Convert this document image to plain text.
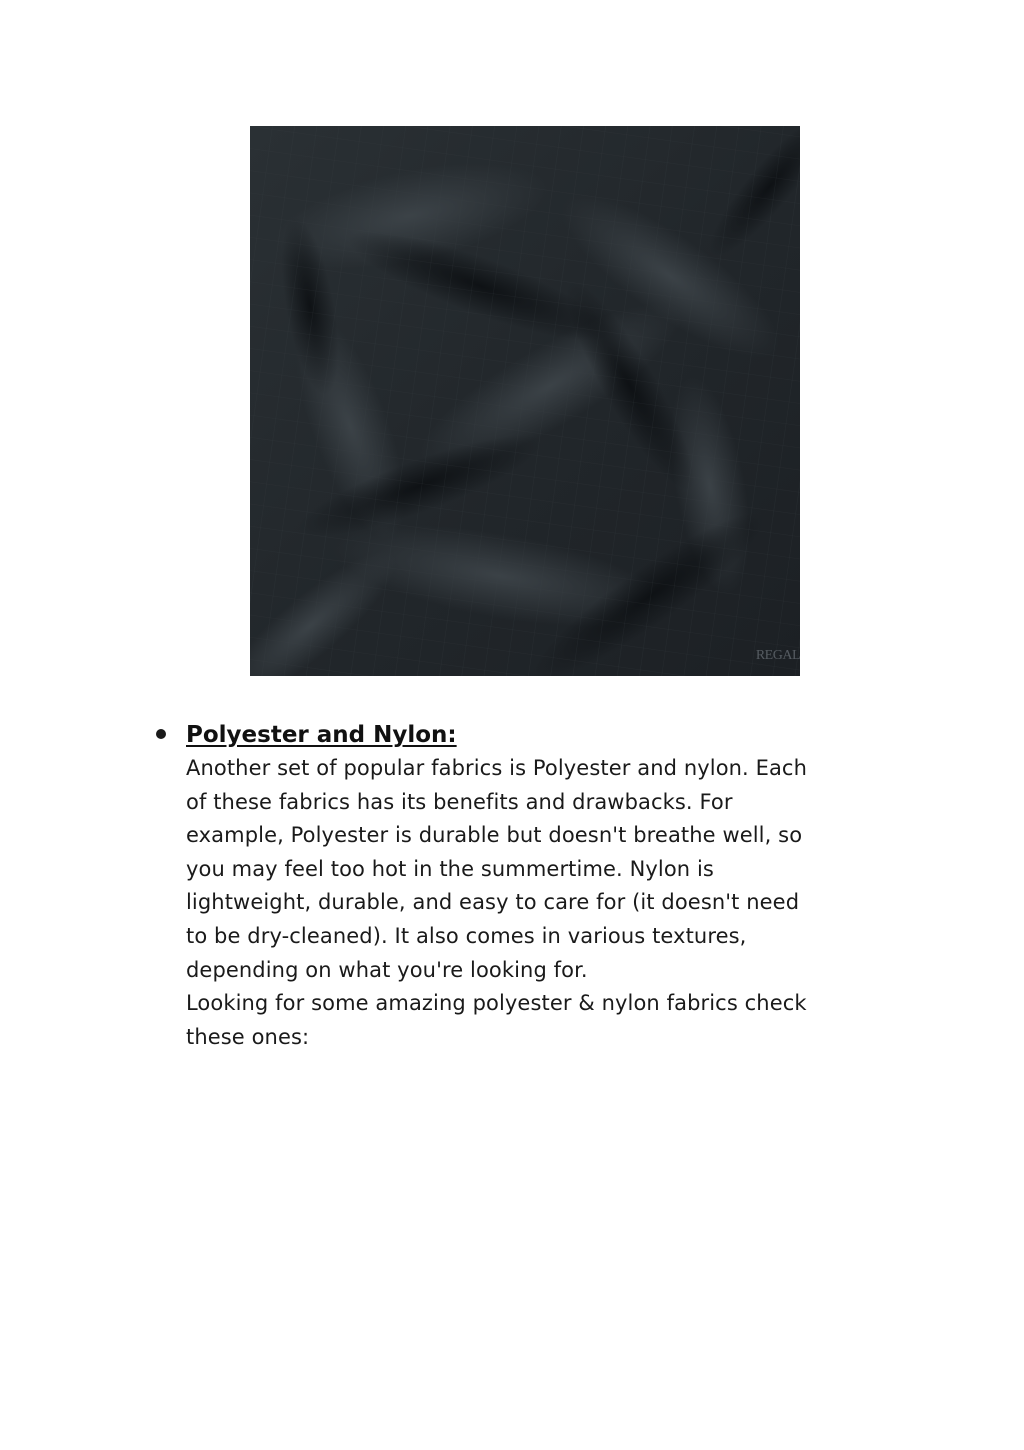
REGAL

Polyester and Nylon:

Another set of popular fabrics is Polyester and nylon. Each

of these fabrics has its benefits and drawbacks. For

example, Polyester is durable but doesn't breathe well, so

you may feel too hot in the summertime. Nylon is

lightweight, durable, and easy to care for (it doesn't need

to be dry-cleaned). It also comes in various textures,

depending on what you're looking for.

Looking for some amazing polyester & nylon fabrics check

these ones:
